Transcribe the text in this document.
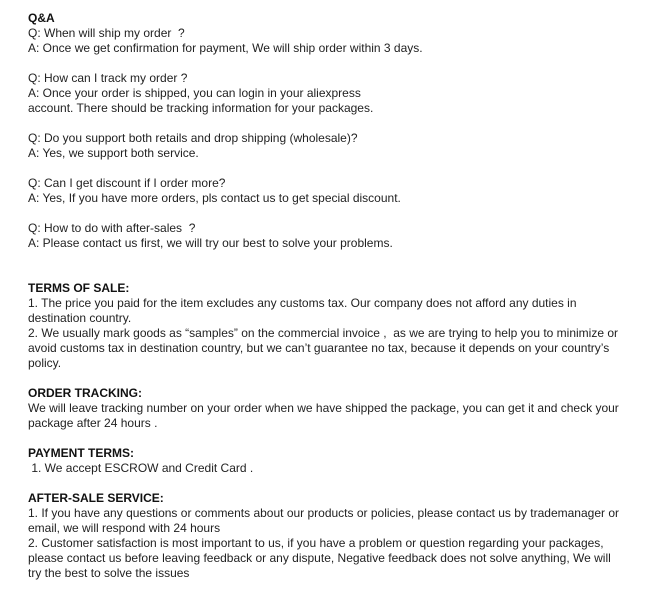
Q&A

Q: When will ship my order  ?

A: Once we get confirmation for payment, We will ship order within 3 days.

Q: How can I track my order ?

A: Once your order is shipped, you can login in your aliexpress

account. There should be tracking information for your packages.

Q: Do you support both retails and drop shipping (wholesale)?

A: Yes, we support both service.

Q: Can I get discount if I order more?

A: Yes, If you have more orders, pls contact us to get special discount.

Q: How to do with after-sales  ?

A: Please contact us first, we will try our best to solve your problems.

TERMS OF SALE:

1. The price you paid for the item excludes any customs tax. Our company does not afford any duties in

destination country.

2. We usually mark goods as “samples” on the commercial invoice ,  as we are trying to help you to minimize or

avoid customs tax in destination country, but we can’t guarantee no tax, because it depends on your country’s

policy.

ORDER TRACKING:

We will leave tracking number on your order when we have shipped the package, you can get it and check your

package after 24 hours .

PAYMENT TERMS:

1. We accept ESCROW and Credit Card .

AFTER-SALE SERVICE:

1. If you have any questions or comments about our products or policies, please contact us by trademanager or

email, we will respond with 24 hours

2. Customer satisfaction is most important to us, if you have a problem or question regarding your packages,

please contact us before leaving feedback or any dispute, Negative feedback does not solve anything, We will

try the best to solve the issues
